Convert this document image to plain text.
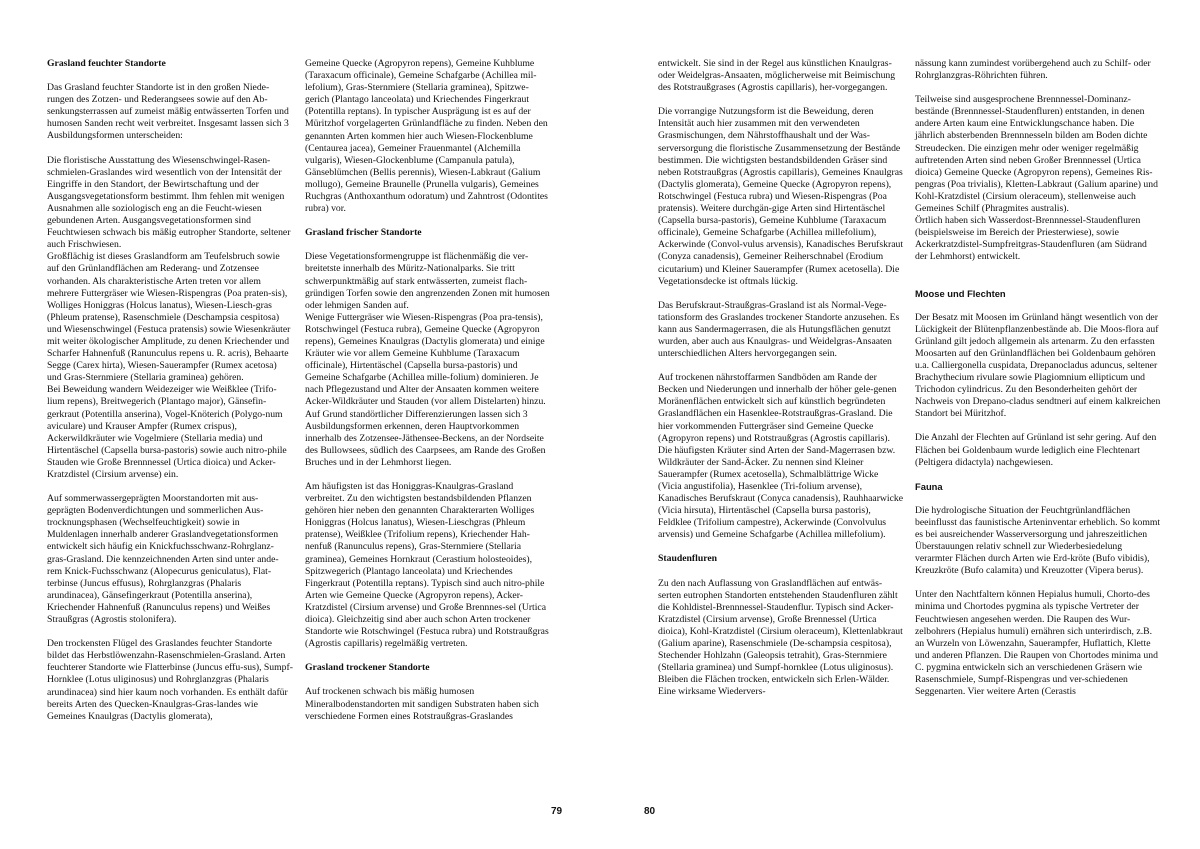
Grasland feuchter Standorte

Das Grasland feuchter Standorte ist in den großen Niede-rungen des Zotzen- und Rederangsees sowie auf den Ab-senkungsterrassen auf zumeist mäßig entwässerten Torfen und humosen Sanden recht weit verbreitet. Insgesamt lassen sich 3 Ausbildungsformen unterscheiden:

Die floristische Ausstattung des Wiesenschwingel-Rasen-schmielen-Graslandes wird wesentlich von der Intensität der Eingriffe in den Standort, der Bewirtschaftung und der Ausgangsvegetationsform bestimmt. Ihm fehlen mit wenigen Ausnahmen alle soziologisch eng an die Feucht-wiesen gebundenen Arten. Ausgangsvegetationsformen sind Feuchtwiesen schwach bis mäßig eutropher Standorte, seltener auch Frischwiesen.

Großflächig ist dieses Graslandform am Teufelsbruch sowie auf den Grünlandflächen am Rederang- und Zotzensee vorhanden. Als charakteristische Arten treten vor allem mehrere Futtergräser wie Wiesen-Rispengras (Poa praten-sis), Wolliges Honiggras (Holcus lanatus), Wiesen-Liesch-gras (Phleum pratense), Rasenschmiele (Deschampsia cespitosa) und Wiesenschwingel (Festuca pratensis) sowie Wiesenkräuter mit weiter ökologischer Amplitude, zu denen Kriechender und Scharfer Hahnenfuß (Ranunculus repens u. R. acris), Behaarte Segge (Carex hirta), Wiesen-Sauerampfer (Rumex acetosa) und Gras-Sternmiere (Stellaria graminea) gehören.

Bei Beweidung wandern Weidezeiger wie Weißklee (Trifo-lium repens), Breitwegerich (Plantago major), Gänsefin-gerkraut (Potentilla anserina), Vogel-Knöterich (Polygo-num aviculare) und Krauser Ampfer (Rumex crispus), Ackerwildkräuter wie Vogelmiere (Stellaria media) und Hirtentäschel (Capsella bursa-pastoris) sowie auch nitro-phile Stauden wie Große Brennnessel (Urtica dioica) und Acker-Kratzdistel (Cirsium arvense) ein.

Auf sommerwassergeprägten Moorstandorten mit aus-geprägten Bodenverdichtungen und sommerlichen Aus-trocknungsphasen (Wechselfeuchtigkeit) sowie in Muldenlagen innerhalb anderer Graslandvegetationsformen entwickelt sich häufig ein Knickfuchsschwanz-Rohrglanz-gras-Grasland. Die kennzeichnenden Arten sind unter ande-rem Knick-Fuchsschwanz (Alopecurus geniculatus), Flat-terbinse (Juncus effusus), Rohrglanzgras (Phalaris arundinacea), Gänsefingerkraut (Potentilla anserina), Kriechender Hahnenfuß (Ranunculus repens) und Weißes Straußgras (Agrostis stolonifera).

Den trockensten Flügel des Graslandes feuchter Standorte bildet das Herbstlöwenzahn-Rasenschmielen-Grasland. Arten feuchterer Standorte wie Flatterbinse (Juncus effu-sus), Sumpf-Hornklee (Lotus uliginosus) und Rohrglanzgras (Phalaris arundinacea) sind hier kaum noch vorhanden. Es enthält dafür bereits Arten des Quecken-Knaulgras-Gras-landes wie Gemeines Knaulgras (Dactylis glomerata),

Gemeine Quecke (Agropyron repens), Gemeine Kuhblume (Taraxacum officinale), Gemeine Schafgarbe (Achillea mil-lefolium), Gras-Sternmiere (Stellaria graminea), Spitzwe-gerich (Plantago lanceolata) und Kriechendes Fingerkraut (Potentilla reptans). In typischer Ausprägung ist es auf der Müritzhof vorgelagerten Grünlandfläche zu finden. Neben den genannten Arten kommen hier auch Wiesen-Flockenblume (Centaurea jacea), Gemeiner Frauenmantel (Alchemilla vulgaris), Wiesen-Glockenblume (Campanula patula), Gänseblümchen (Bellis perennis), Wiesen-Labkraut (Galium mollugo), Gemeine Braunelle (Prunella vulgaris), Gemeines Ruchgras (Anthoxanthum odoratum) und Zahntrost (Odontites rubra) vor.

Grasland frischer Standorte

Diese Vegetationsformengruppe ist flächenmäßig die ver-breitetste innerhalb des Müritz-Nationalparks. Sie tritt schwerpunktmäßig auf stark entwässerten, zumeist flach-gründigen Torfen sowie den angrenzenden Zonen mit humosen oder lehmigen Sanden auf.

Wenige Futtergräser wie Wiesen-Rispengras (Poa pra-tensis), Rotschwingel (Festuca rubra), Gemeine Quecke (Agropyron repens), Gemeines Knaulgras (Dactylis glomerata) und einige Kräuter wie vor allem Gemeine Kuhblume (Taraxacum officinale), Hirtentäschel (Capsella bursa-pastoris) und Gemeine Schafgarbe (Achillea mille-folium) dominieren. Je nach Pflegezustand und Alter der Ansaaten kommen weitere Acker-Wildkräuter und Stauden (vor allem Distelarten) hinzu. Auf Grund standörtlicher Differenzierungen lassen sich 3 Ausbildungsformen erkennen, deren Hauptvorkommen innerhalb des Zotzensee-Jäthensee-Beckens, an der Nordseite des Bullowsees, südlich des Caarpsees, am Rande des Großen Bruches und in der Lehmhorst liegen.

Am häufigsten ist das Honiggras-Knaulgras-Grasland verbreitet. Zu den wichtigsten bestandsbildenden Pflanzen gehören hier neben den genannten Charakterarten Wolliges Honiggras (Holcus lanatus), Wiesen-Lieschgras (Phleum pratense), Weißklee (Trifolium repens), Kriechender Hah-nenfuß (Ranunculus repens), Gras-Sternmiere (Stellaria graminea), Gemeines Hornkraut (Cerastium holosteoides), Spitzwegerich (Plantago lanceolata) und Kriechendes Fingerkraut (Potentilla reptans). Typisch sind auch nitro-phile Arten wie Gemeine Quecke (Agropyron repens), Acker-Kratzdistel (Cirsium arvense) und Große Brennnes-sel (Urtica dioica). Gleichzeitig sind aber auch schon Arten trockener Standorte wie Rotschwingel (Festuca rubra) und Rotstraußgras (Agrostis capillaris) regelmäßig vertreten.

Grasland trockener Standorte

Auf trockenen schwach bis mäßig humosen Mineralbodenstandorten mit sandigen Substraten haben sich verschiedene Formen eines Rotstraußgras-Graslandes

entwickelt. Sie sind in der Regel aus künstlichen Knaulgras- oder Weidelgras-Ansaaten, möglicherweise mit Beimischung des Rotstraußgrases (Agrostis capillaris), her-vorgegangen.

Die vorrangige Nutzungsform ist die Beweidung, deren Intensität auch hier zusammen mit den verwendeten Grasmischungen, dem Nährstoffhaushalt und der Was-serversorgung die floristische Zusammensetzung der Bestände bestimmen. Die wichtigsten bestandsbildenden Gräser sind neben Rotstraußgras (Agrostis capillaris), Gemeines Knaulgras (Dactylis glomerata), Gemeine Quecke (Agropyron repens), Rotschwingel (Festuca rubra) und Wiesen-Rispengras (Poa pratensis). Weitere durchgän-gige Arten sind Hirtentäschel (Capsella bursa-pastoris), Gemeine Kuhblume (Taraxacum officinale), Gemeine Schafgarbe (Achillea millefolium), Ackerwinde (Convol-vulus arvensis), Kanadisches Berufskraut (Conyza canadensis), Gemeiner Reiherschnabel (Erodium cicutarium) und Kleiner Sauerampfer (Rumex acetosella). Die Vegetationsdecke ist oftmals lückig.

Das Berufskraut-Straußgras-Grasland ist als Normal-Vege-tationsform des Graslandes trockener Standorte anzusehen. Es kann aus Sandermagerrasen, die als Hutungsflächen genutzt wurden, aber auch aus Knaulgras- und Weidelgras-Ansaaten unterschiedlichen Alters hervorgegangen sein.

Auf trockenen nährstoffarmen Sandböden am Rande der Becken und Niederungen und innerhalb der höher gele-genen Moränenflächen entwickelt sich auf künstlich begründeten Graslandflächen ein Hasenklee-Rotstraußgras-Grasland. Die hier vorkommenden Futtergräser sind Gemeine Quecke (Agropyron repens) und Rotstraußgras (Agrostis capillaris). Die häufigsten Kräuter sind Arten der Sand-Magerrasen bzw. Wildkräuter der Sand-Äcker. Zu nennen sind Kleiner Sauerampfer (Rumex acetosella), Schmalblättrige Wicke (Vicia angustifolia), Hasenklee (Tri-folium arvense), Kanadisches Berufskraut (Conyca canadensis), Rauhhaarwicke (Vicia hirsuta), Hirtentäschel (Capsella bursa pastoris), Feldklee (Trifolium campestre), Ackerwinde (Convolvulus arvensis) und Gemeine Schafgarbe (Achillea millefolium).

Staudenfluren

Zu den nach Auflassung von Graslandflächen auf entwäs-serten eutrophen Standorten entstehenden Staudenfluren zählt die Kohldistel-Brennnessel-Staudenflur. Typisch sind Acker-Kratzdistel (Cirsium arvense), Große Brennessel (Urtica dioica), Kohl-Kratzdistel (Cirsium oleraceum), Klettenlabkraut (Galium aparine), Rasenschmiele (De-schampsia cespitosa), Stechender Hohlzahn (Galeopsis tetrahit), Gras-Sternmiere (Stellaria graminea) und Sumpf-hornklee (Lotus uliginosus). Bleiben die Flächen trocken, entwickeln sich Erlen-Wälder. Eine wirksame Wiedervers-

nässung kann zumindest vorübergehend auch zu Schilf- oder Rohrglanzgras-Röhrichten führen.

Teilweise sind ausgesprochene Brennnessel-Dominanz-bestände (Brennnessel-Staudenfluren) entstanden, in denen andere Arten kaum eine Entwicklungschance haben. Die jährlich absterbenden Brennnesseln bilden am Boden dichte Streudecken. Die einzigen mehr oder weniger regelmäßig auftretenden Arten sind neben Großer Brennnessel (Urtica dioica) Gemeine Quecke (Agropyron repens), Gemeines Ris-pengras (Poa trivialis), Kletten-Labkraut (Galium aparine) und Kohl-Kratzdistel (Cirsium oleraceum), stellenweise auch Gemeines Schilf (Phragmites australis).

Örtlich haben sich Wasserdost-Brennnessel-Staudenfluren (beispielsweise im Bereich der Priesterwiese), sowie Ackerkratzdistel-Sumpfreitgras-Staudenfluren (am Südrand der Lehmhorst) entwickelt.

Moose und Flechten

Der Besatz mit Moosen im Grünland hängt wesentlich von der Lückigkeit der Blütenpflanzenbestände ab. Die Moos-flora auf Grünland gilt jedoch allgemein als artenarm. Zu den erfassten Moosarten auf den Grünlandflächen bei Goldenbaum gehören u.a. Calliergonella cuspidata, Drepanocladus aduncus, seltener Brachythecium rivulare sowie Plagiomnium ellipticum und Trichodon cylindricus. Zu den Besonderheiten gehört der Nachweis von Drepano-cladus sendtneri auf einem kalkreichen Standort bei Müritzhof.

Die Anzahl der Flechten auf Grünland ist sehr gering. Auf den Flächen bei Goldenbaum wurde lediglich eine Flechtenart (Peltigera didactyla) nachgewiesen.

Fauna

Die hydrologische Situation der Feuchtgrünlandflächen beeinflusst das faunistische Arteninventar erheblich. So kommt es bei ausreichender Wasserversorgung und jahreszeitlichen Überstauungen relativ schnell zur Wiederbesiedelung verarmter Flächen durch Arten wie Erd-kröte (Bufo vibidis), Kreuzkröte (Bufo calamita) und Kreuzotter (Vipera berus).

Unter den Nachtfaltern können Hepialus humuli, Chorto-des minima und Chortodes pygmina als typische Vertreter der Feuchtwiesen angesehen werden. Die Raupen des Wur-zelbohrers (Hepialus humuli) ernähren sich unterirdisch, z.B. an Wurzeln von Löwenzahn, Sauerampfer, Huflattich, Klette und anderen Pflanzen. Die Raupen von Chortodes minima und C. pygmina entwickeln sich an verschiedenen Gräsern wie Rasenschmiele, Sumpf-Rispengras und ver-schiedenen Seggenarten. Vier weitere Arten (Cerastis

79	80
